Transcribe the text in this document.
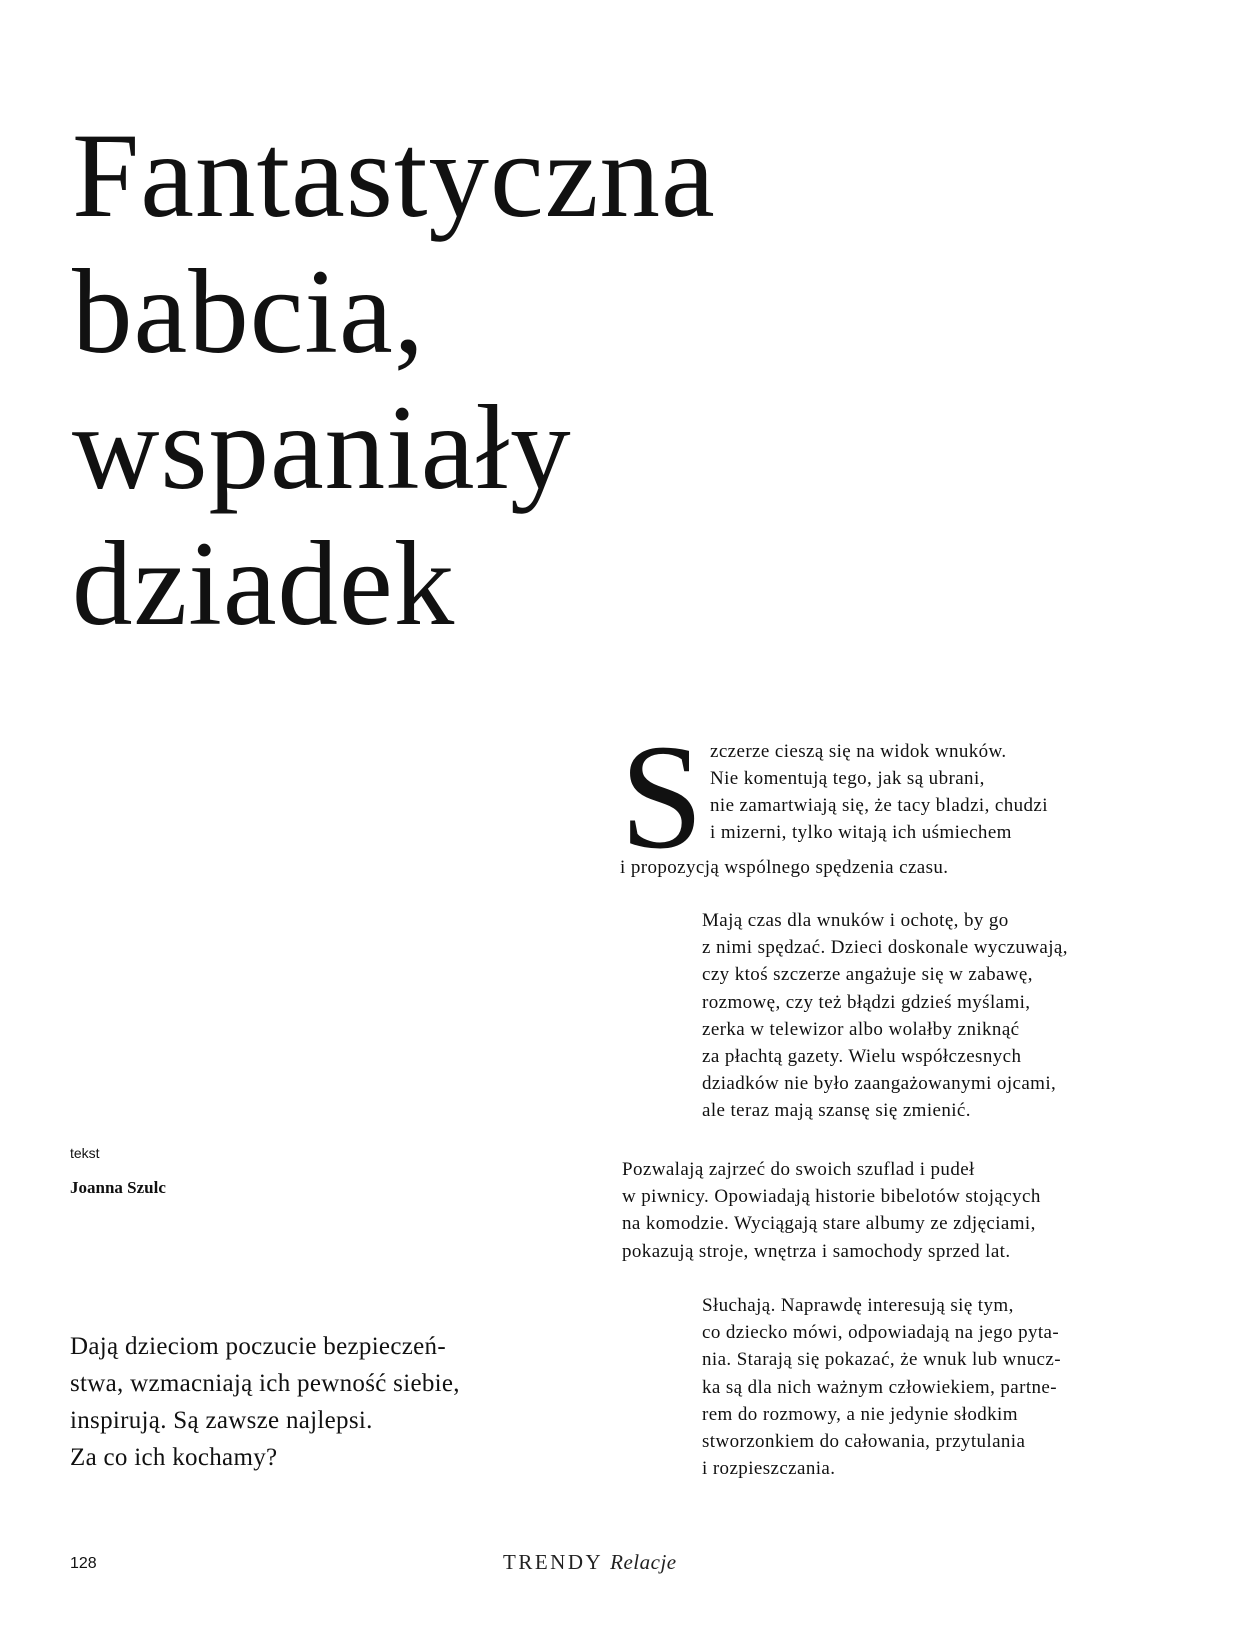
Fantastyczna
babcia,
wspaniały
dziadek
S zczerze cieszą się na widok wnuków.
Nie komentują tego, jak są ubrani,
nie zamartwiają się, że tacy bladzi, chudzi
i mizerni, tylko witają ich uśmiechem
i propozycją wspólnego spędzenia czasu.
Mają czas dla wnuków i ochotę, by go
z nimi spędzać. Dzieci doskonale wyczuwają,
czy ktoś szczerze angażuje się w zabawę,
rozmowę, czy też błądzi gdzieś myślami,
zerka w telewizor albo wolałby zniknąć
za płachtą gazety. Wielu współczesnych
dziadków nie było zaangażowanymi ojcami,
ale teraz mają szansę się zmienić.
Pozwalają zajrzeć do swoich szuflad i pudeł
w piwnicy. Opowiadają historie bibelotów stojących
na komodzie. Wyciągają stare albumy ze zdjęciami,
pokazują stroje, wnętrza i samochody sprzed lat.
Słuchają. Naprawdę interesują się tym,
co dziecko mówi, odpowiadają na jego pyta-
nia. Starają się pokazać, że wnuk lub wnucz-
ka są dla nich ważnym człowiekiem, partne-
rem do rozmowy, a nie jedynie słodkim
stworzonkiem do całowania, przytulania
i rozpieszczania.
tekst
Joanna Szulc
Dają dzieciom poczucie bezpieczeń-
stwa, wzmacniają ich pewność siebie,
inspirują. Są zawsze najlepsi.
Za co ich kochamy?
128	TRENDY Relacje
